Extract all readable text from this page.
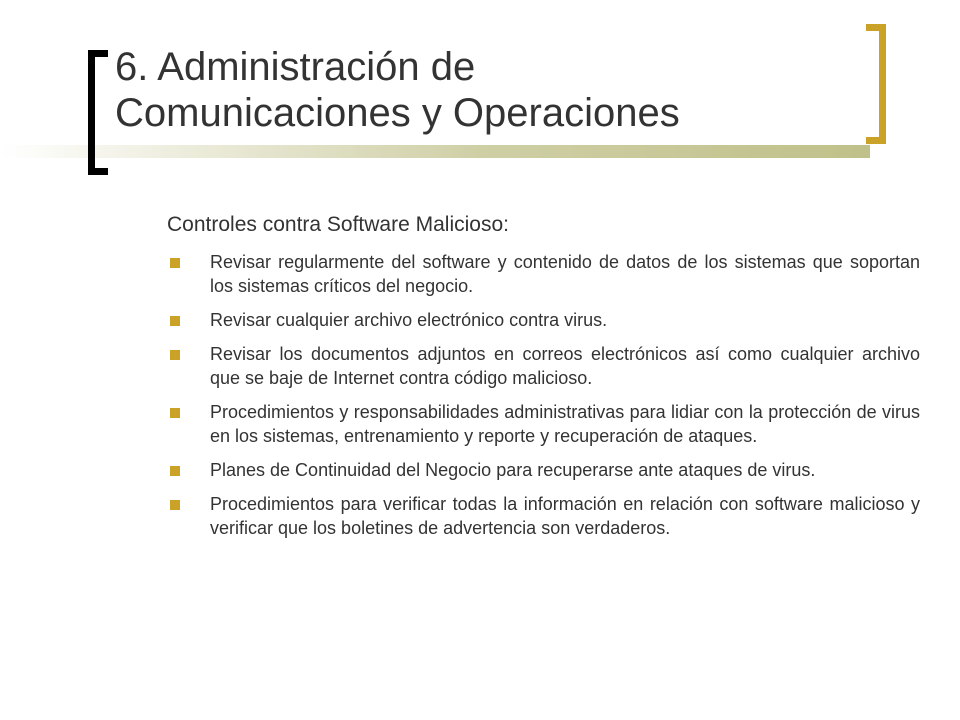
6. Administración de
Comunicaciones y Operaciones
Controles contra Software Malicioso:
Revisar regularmente del software y contenido de datos de los sistemas que soportan los sistemas críticos del negocio.
Revisar cualquier archivo electrónico contra virus.
Revisar los documentos adjuntos en correos electrónicos así como cualquier archivo que se baje de Internet contra código malicioso.
Procedimientos y responsabilidades administrativas para lidiar con la protección de virus en los sistemas, entrenamiento y reporte y recuperación de ataques.
Planes de Continuidad del Negocio para recuperarse ante ataques de virus.
Procedimientos para verificar todas la información en relación con software malicioso y verificar que los boletines de advertencia son verdaderos.
